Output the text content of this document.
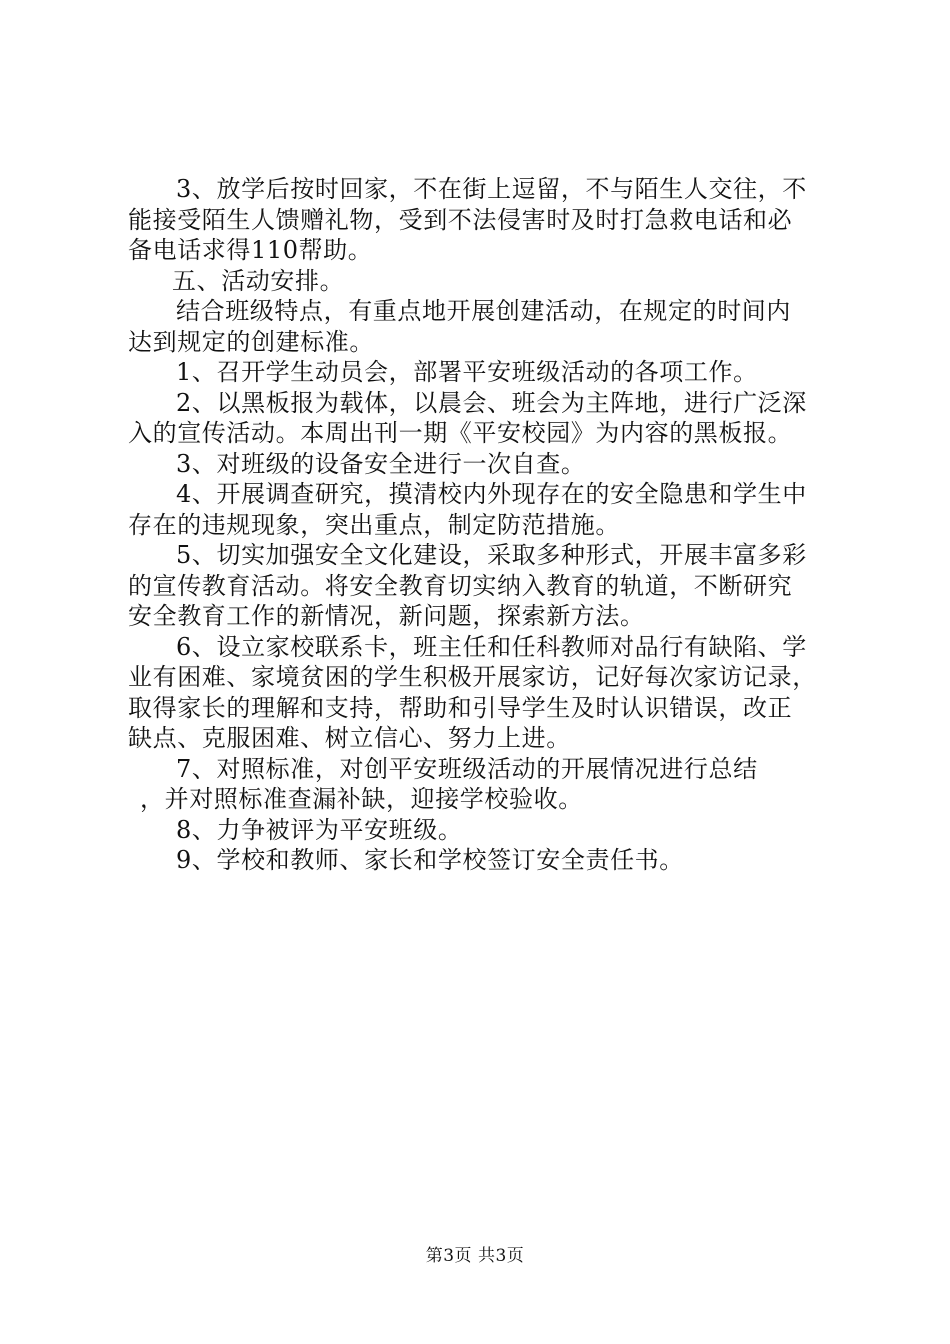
3、放学后按时回家，不在街上逗留，不与陌生人交往，不
能接受陌生人馈赠礼物，受到不法侵害时及时打急救电话和必
备电话求得110帮助。
五、活动安排。
结合班级特点，有重点地开展创建活动，在规定的时间内
达到规定的创建标准。
1、召开学生动员会，部署平安班级活动的各项工作。
2、以黑板报为载体，以晨会、班会为主阵地，进行广泛深
入的宣传活动。本周出刊一期《平安校园》为内容的黑板报。
3、对班级的设备安全进行一次自查。
4、开展调查研究，摸清校内外现存在的安全隐患和学生中
存在的违规现象，突出重点，制定防范措施。
5、切实加强安全文化建设，采取多种形式，开展丰富多彩
的宣传教育活动。将安全教育切实纳入教育的轨道，不断研究
安全教育工作的新情况，新问题，探索新方法。
6、设立家校联系卡，班主任和任科教师对品行有缺陷、学
业有困难、家境贫困的学生积极开展家访，记好每次家访记录，
取得家长的理解和支持，帮助和引导学生及时认识错误，改正
缺点、克服困难、树立信心、努力上进。
7、对照标准，对创平安班级活动的开展情况进行总结
，并对照标准查漏补缺，迎接学校验收。
8、力争被评为平安班级。
9、学校和教师、家长和学校签订安全责任书。
第3页 共3页
